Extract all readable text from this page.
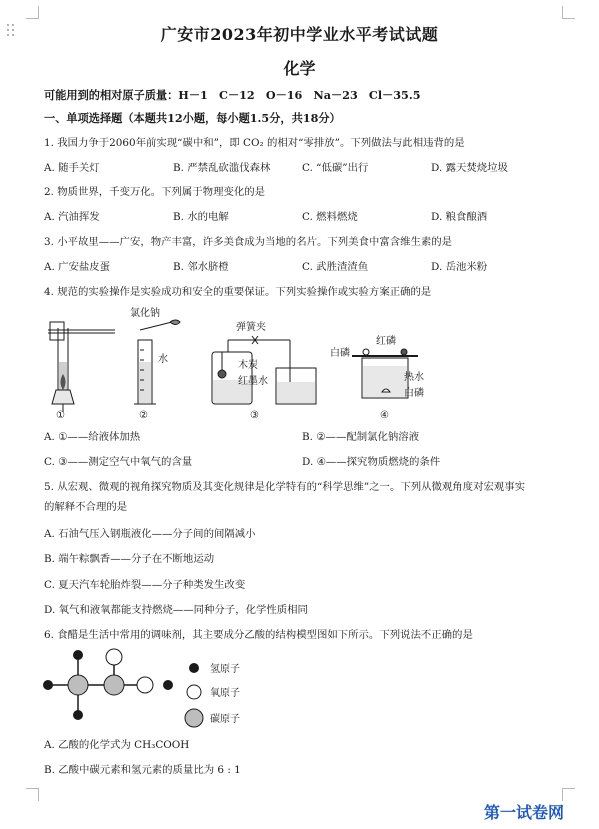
广安市2023年初中学业水平考试试题
化学
可能用到的相对原子质量：H－1　C－12　O－16　Na－23　Cl－35.5
一、单项选择题（本题共12小题，每小题1.5分，共18分）
1. 我国力争于2060年前实现“碳中和”，即 CO₂ 的相对“零排放”。下列做法与此相违背的是
A. 随手关灯	B. 严禁乱砍滥伐森林	C. “低碳”出行	D. 露天焚烧垃圾
2. 物质世界，千变万化。下列属于物理变化的是
A. 汽油挥发	B. 水的电解	C. 燃料燃烧	D. 粮食酿酒
3. 小平故里——广安，物产丰富，许多美食成为当地的名片。下列美食中富含维生素的是
A. 广安盐皮蛋	B. 邻水脐橙	C. 武胜渣渣鱼	D. 岳池米粉
4. 规范的实验操作是实验成功和安全的重要保证。下列实验操作或实验方案正确的是
①
氯化钠
水
②
弹簧夹
木炭
红墨水
③
白磷
红磷
热水
白磷
④
A. ①——给液体加热	B. ②——配制氯化钠溶液
C. ③——测定空气中氧气的含量	D. ④——探究物质燃烧的条件
5. 从宏观、微观的视角探究物质及其变化规律是化学特有的“科学思维”之一。下列从微观角度对宏观事实
的解释不合理的是
A. 石油气压入钢瓶液化——分子间的间隔减小
B. 端午粽飘香——分子在不断地运动
C. 夏天汽车轮胎炸裂——分子种类发生改变
D. 氧气和液氧都能支持燃烧——同种分子，化学性质相同
6. 食醋是生活中常用的调味剂，其主要成分乙酸的结构模型图如下所示。下列说法不正确的是
氢原子
氧原子
碳原子
A. 乙酸的化学式为 CH₃COOH
B. 乙酸中碳元素和氢元素的质量比为 6 : 1
第一试卷网
